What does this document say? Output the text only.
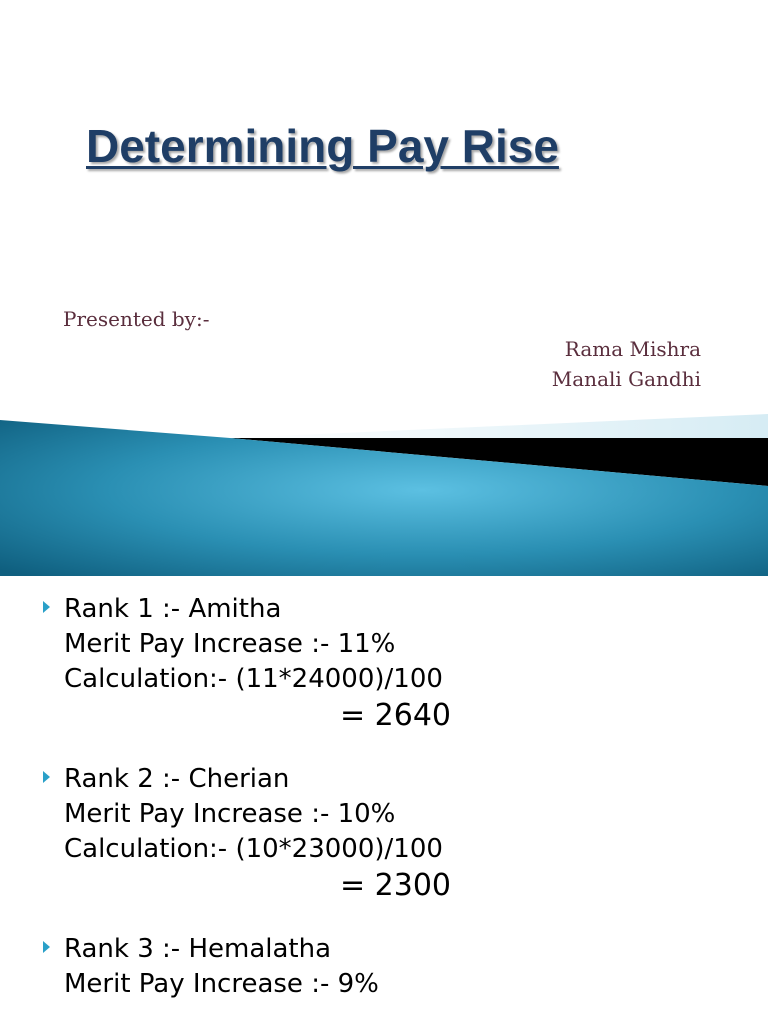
Determining Pay Rise
Presented by:-
Rama Mishra
Manali Gandhi
Rank 1 :- Amitha
Merit Pay Increase :- 11%
Calculation:- (11*24000)/100
= 2640
Rank 2 :- Cherian
Merit Pay Increase :- 10%
Calculation:- (10*23000)/100
= 2300
Rank 3 :- Hemalatha
Merit Pay Increase :- 9%
